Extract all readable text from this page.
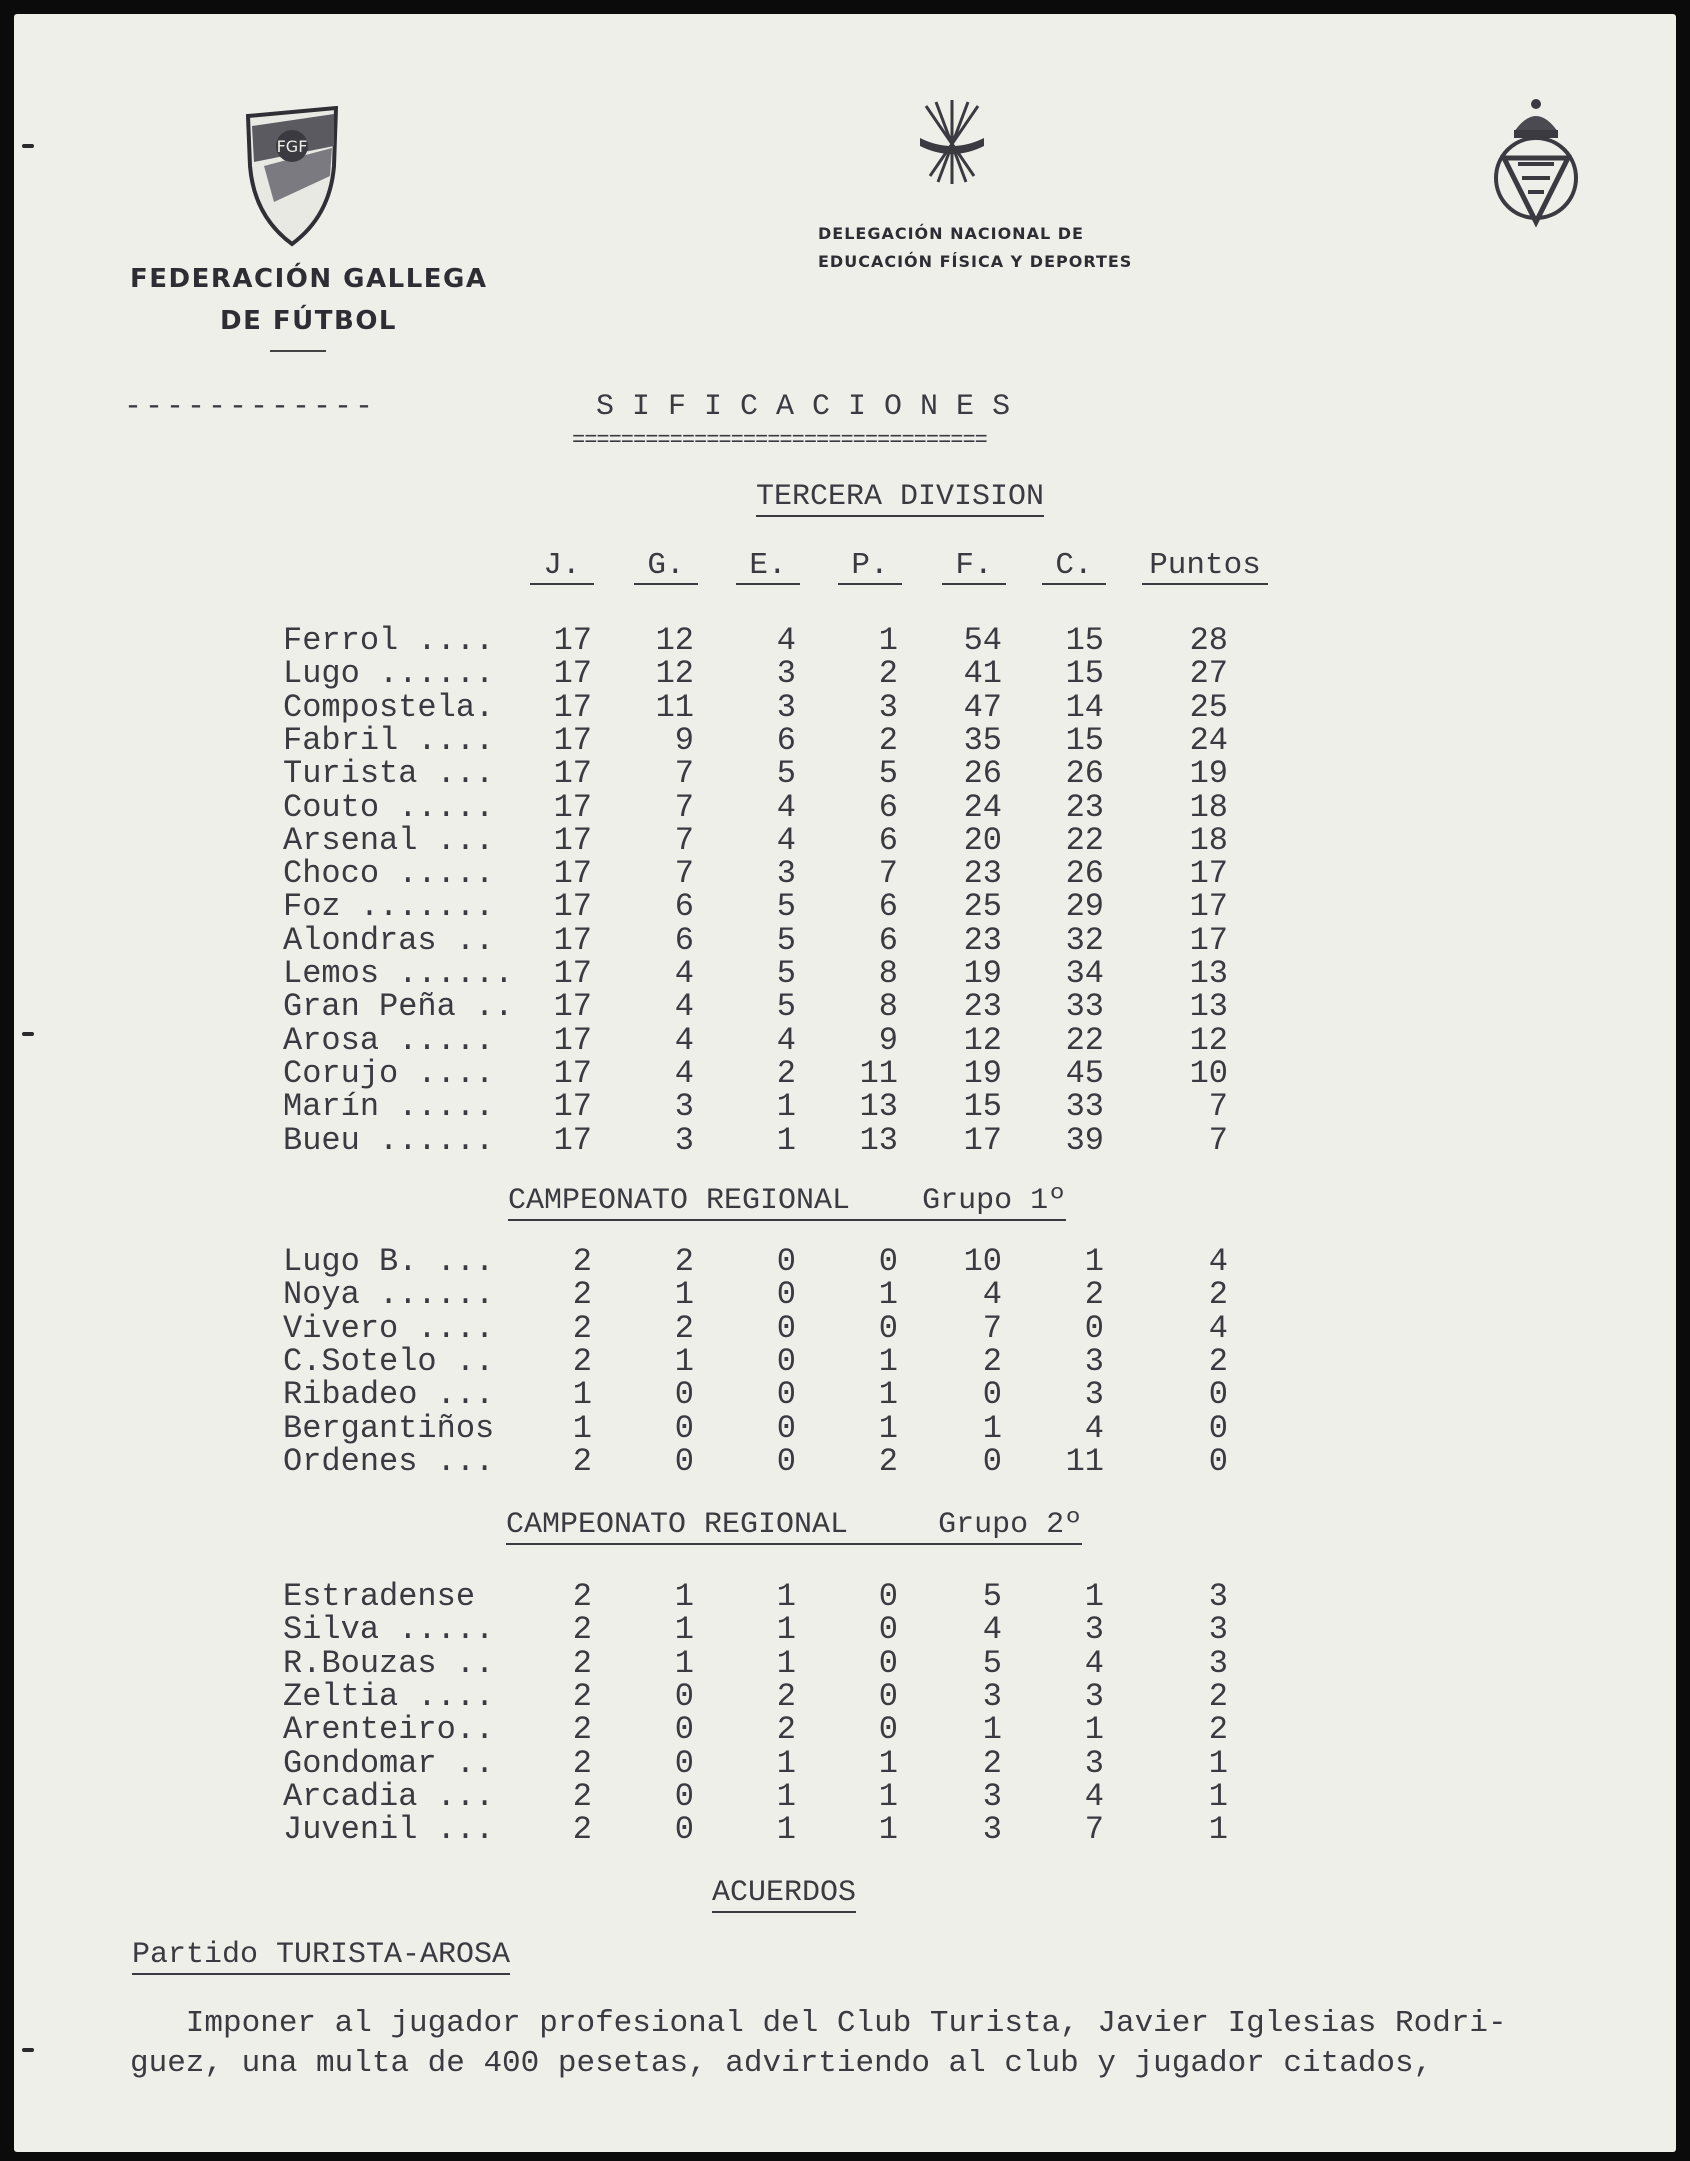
FGF
FEDERACIÓN GALLEGA
DE FÚTBOL
DELEGACIÓN NACIONAL DE
EDUCACIÓN FÍSICA Y DEPORTES
------------	S I F I C A C I O N E S
==================================
TERCERA DIVISION
J.	G.	E.	P.	F.	C.	Puntos
Ferrol ....	17	12	4	1	54	15	28
Lugo ......	17	12	3	2	41	15	27
Compostela.	17	11	3	3	47	14	25
Fabril ....	17	9	6	2	35	15	24
Turista ...	17	7	5	5	26	26	19
Couto .....	17	7	4	6	24	23	18
Arsenal ...	17	7	4	6	20	22	18
Choco .....	17	7	3	7	23	26	17
Foz .......	17	6	5	6	25	29	17
Alondras ..	17	6	5	6	23	32	17
Lemos ......	17	4	5	8	19	34	13
Gran Peña ..	17	4	5	8	23	33	13
Arosa .....	17	4	4	9	12	22	12
Corujo ....	17	4	2	11	19	45	10
Marín .....	17	3	1	13	15	33	7
Bueu ......	17	3	1	13	17	39	7
CAMPEONATO REGIONAL Grupo 1º
Lugo B. ...	2	2	0	0	10	1	4
Noya ......	2	1	0	1	4	2	2
Vivero ....	2	2	0	0	7	0	4
C.Sotelo ..	2	1	0	1	2	3	2
Ribadeo ...	1	0	0	1	0	3	0
Bergantiños	1	0	0	1	1	4	0
Ordenes ...	2	0	0	2	0	11	0
CAMPEONATO REGIONAL	Grupo 2º
Estradense	2	1	1	0	5	1	3
Silva .....	2	1	1	0	4	3	3
R.Bouzas ..	2	1	1	0	5	4	3
Zeltia ....	2	0	2	0	3	3	2
Arenteiro..	2	0	2	0	1	1	2
Gondomar ..	2	0	1	1	2	3	1
Arcadia ...	2	0	1	1	3	4	1
Juvenil ...	2	0	1	1	3	7	1
ACUERDOS
Partido TURISTA-AROSA
Imponer al jugador profesional del Club Turista, Javier Iglesias Rodri-
guez, una multa de 400 pesetas, advirtiendo al club y jugador citados,
